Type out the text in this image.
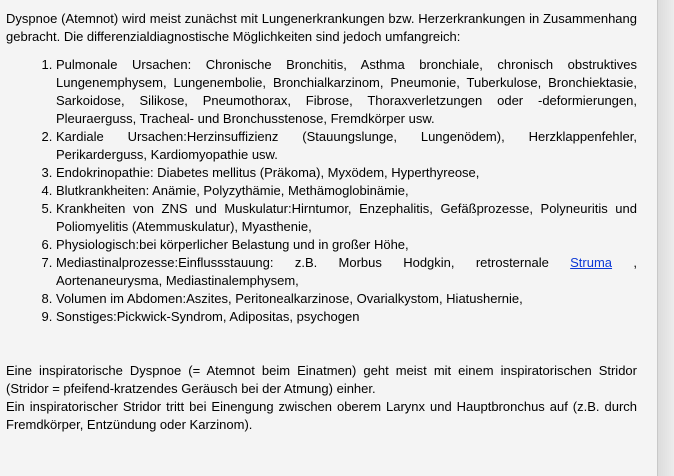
Dyspnoe (Atemnot) wird meist zunächst mit Lungenerkrankungen bzw. Herzerkrankungen in Zusammenhang gebracht. Die differenzialdiagnostische Möglichkeiten sind jedoch umfangreich:

1. Pulmonale Ursachen: Chronische Bronchitis, Asthma bronchiale, chronisch obstruktives Lungenemphysem, Lungenembolie, Bronchialkarzinom, Pneumonie, Tuberkulose, Bronchiektasie, Sarkoidose, Silikose, Pneumothorax, Fibrose, Thoraxverletzungen oder -deformierungen, Pleuraerguss, Tracheal- und Bronchusstenose, Fremdkörper usw.
2. Kardiale Ursachen:Herzinsuffizienz (Stauungslunge, Lungenödem), Herzklappenfehler, Perikarderguss, Kardiomyopathie usw.
3. Endokrinopathie: Diabetes mellitus (Präkoma), Myxödem, Hyperthyreose,
4. Blutkrankheiten: Anämie, Polyzythämie, Methämoglobinämie,
5. Krankheiten von ZNS und Muskulatur:Hirntumor, Enzephalitis, Gefäßprozesse, Polyneuritis und Poliomyelitis (Atemmuskulatur), Myasthenie,
6. Physiologisch:bei körperlicher Belastung und in großer Höhe,
7. Mediastinalprozesse:Einflussstauung: z.B. Morbus Hodgkin, retrosternale Struma , Aortenaneurysma, Mediastinalemphysem,
8. Volumen im Abdomen:Aszites, Peritonealkarzinose, Ovarialkystom, Hiatushernie,
9. Sonstiges:Pickwick-Syndrom, Adipositas, psychogen

Eine inspiratorische Dyspnoe (= Atemnot beim Einatmen) geht meist mit einem inspiratorischen Stridor (Stridor = pfeifend-kratzendes Geräusch bei der Atmung) einher.

Ein inspiratorischer Stridor tritt bei Einengung zwischen oberem Larynx und Hauptbronchus auf (z.B. durch Fremdkörper, Entzündung oder Karzinom).
